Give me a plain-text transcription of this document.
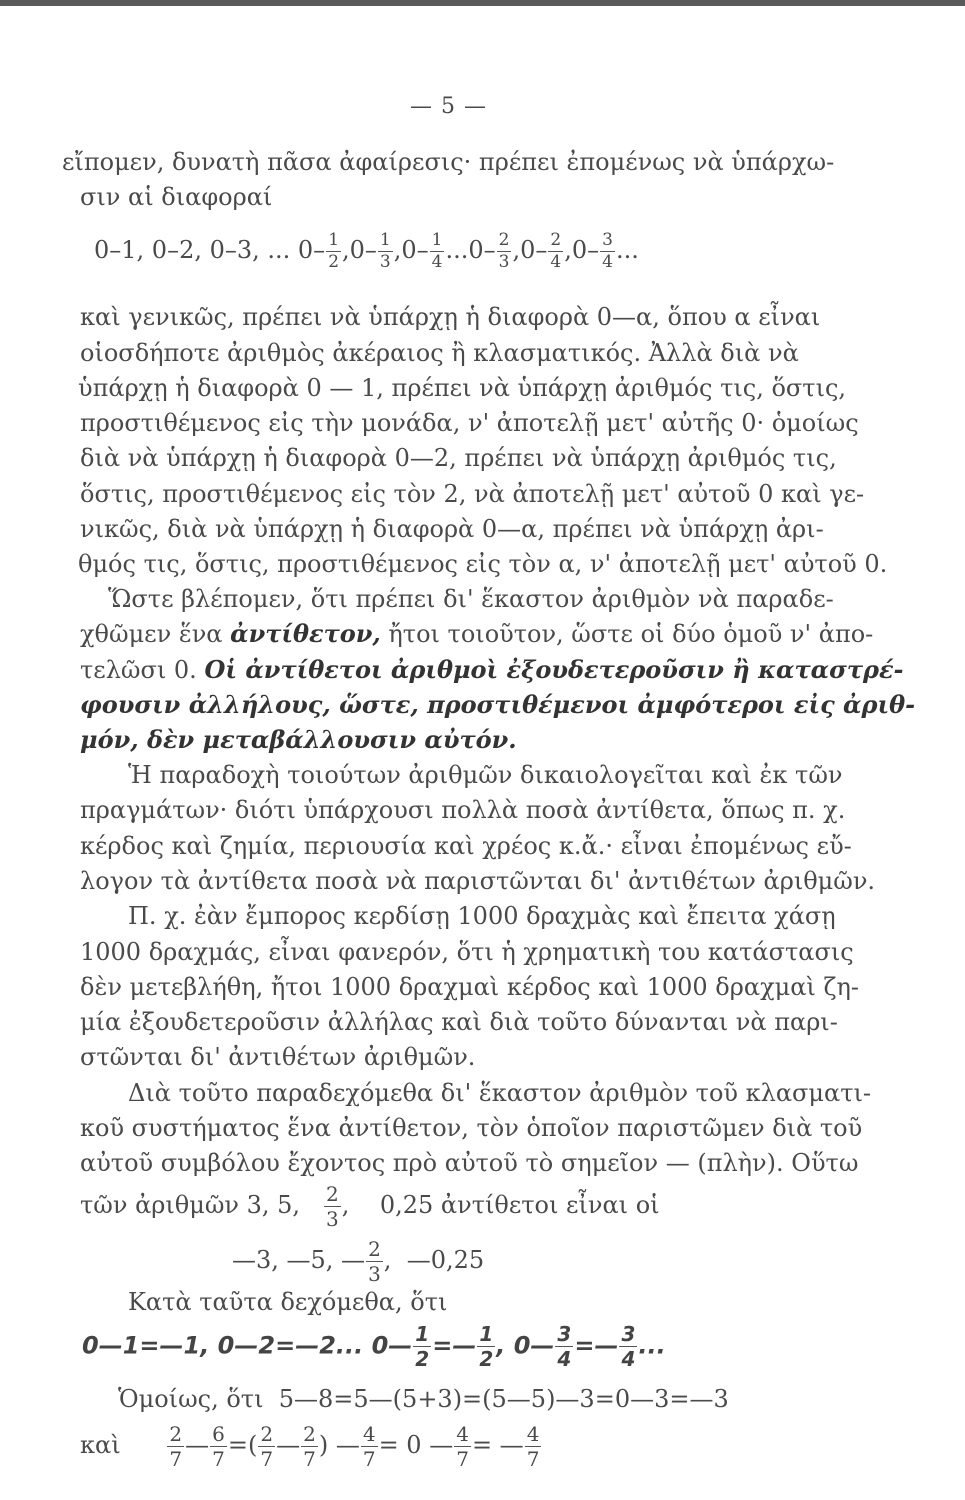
— 5 —
εἴπομεν, δυνατὴ πᾶσα ἀφαίρεσις· πρέπει ἐπομένως νὰ ὑπάρχω-
σιν αἱ διαφοραί
0–1, 0–2, 0–3, ... $0- \frac{1}{2} ,0- \frac{1}{3} ,0- \frac{1}{4} ...0- \frac{2}{3} ,0- \frac{2}{4} ,0- \frac{3}{4}$ ...
καὶ γενικῶς, πρέπει νὰ ὑπάρχῃ ἡ διαφορὰ 0—α, ὅπου α εἶναι
οἱοσδήποτε ἀριθμὸς ἀκέραιος ἢ κλασματικός. Ἀλλὰ διὰ νὰ
ὑπάρχῃ ἡ διαφορὰ 0 — 1, πρέπει νὰ ὑπάρχῃ ἀριθμός τις, ὅστις,
προστιθέμενος εἰς τὴν μονάδα, ν' ἀποτελῇ μετ' αὐτῆς 0· ὁμοίως
διὰ νὰ ὑπάρχῃ ἡ διαφορὰ 0—2, πρέπει νὰ ὑπάρχῃ ἀριθμός τις,
ὅστις, προστιθέμενος εἰς τὸν 2, νὰ ἀποτελῇ μετ' αὐτοῦ 0 καὶ γε-
νικῶς, διὰ νὰ ὑπάρχῃ ἡ διαφορὰ 0—α, πρέπει νὰ ὑπάρχῃ ἀρι-
θμός τις, ὅστις, προστιθέμενος εἰς τὸν α, ν' ἀποτελῇ μετ' αὐτοῦ 0.
Ὥστε βλέπομεν, ὅτι πρέπει δι' ἕκαστον ἀριθμὸν νὰ παραδε-
χθῶμεν ἕνα ἀντίθετον, ἤτοι τοιοῦτον, ὥστε οἱ δύο ὁμοῦ ν' ἀπο-
τελῶσι 0. Οἱ ἀντίθετοι ἀριθμοὶ ἐξουδετεροῦσιν ἢ καταστρέ-
φουσιν ἀλλήλους, ὥστε, προστιθέμενοι ἀμφότεροι εἰς ἀριθ-
μόν, δὲν μεταβάλλουσιν αὐτόν.
Ἡ παραδοχὴ τοιούτων ἀριθμῶν δικαιολογεῖται καὶ ἐκ τῶν
πραγμάτων· διότι ὑπάρχουσι πολλὰ ποσὰ ἀντίθετα, ὅπως π. χ.
κέρδος καὶ ζημία, περιουσία καὶ χρέος κ.ἄ.· εἶναι ἐπομένως εὔ-
λογον τὰ ἀντίθετα ποσὰ νὰ παριστῶνται δι' ἀντιθέτων ἀριθμῶν.
Π. χ. ἐὰν ἔμπορος κερδίσῃ 1000 δραχμὰς καὶ ἔπειτα χάσῃ
1000 δραχμάς, εἶναι φανερόν, ὅτι ἡ χρηματικὴ του κατάστασις
δὲν μετεβλήθη, ἤτοι 1000 δραχμαὶ κέρδος καὶ 1000 δραχμαὶ ζη-
μία ἐξουδετεροῦσιν ἀλλήλας καὶ διὰ τοῦτο δύνανται νὰ παρι-
στῶνται δι' ἀντιθέτων ἀριθμῶν.
Διὰ τοῦτο παραδεχόμεθα δι' ἕκαστον ἀριθμὸν τοῦ κλασματι-
κοῦ συστήματος ἕνα ἀντίθετον, τὸν ὁποῖον παριστῶμεν διὰ τοῦ
αὐτοῦ συμβόλου ἔχοντος πρὸ αὐτοῦ τὸ σημεῖον — (πλὴν). Οὕτω
τῶν ἀριθμῶν 3, 5, $\frac{2}{3}$ ,    0,25 ἀντίθετοι εἶναι οἱ
—3, —5, — $\frac{2}{3}$ ,  —0,25
Κατὰ ταῦτα δεχόμεθα, ὅτι
0—1=—1, 0—2=—2... 0— $\frac{1}{2}$ =— $\frac{1}{2}$ , 0— $\frac{3}{4}$ =— $\frac{3}{4}$ ...
Ὁμοίως, ὅτι 5—8=5—(5+3)=(5—5)—3=0—3=—3
καὶ $\frac{2}{7}$ — $\frac{6}{7}$ =( $\frac{2}{7}$ — $\frac{2}{7}$ ) — $\frac{4}{7} = 0$ — $\frac{4}{7}$ = — $\frac{4}{7}$
